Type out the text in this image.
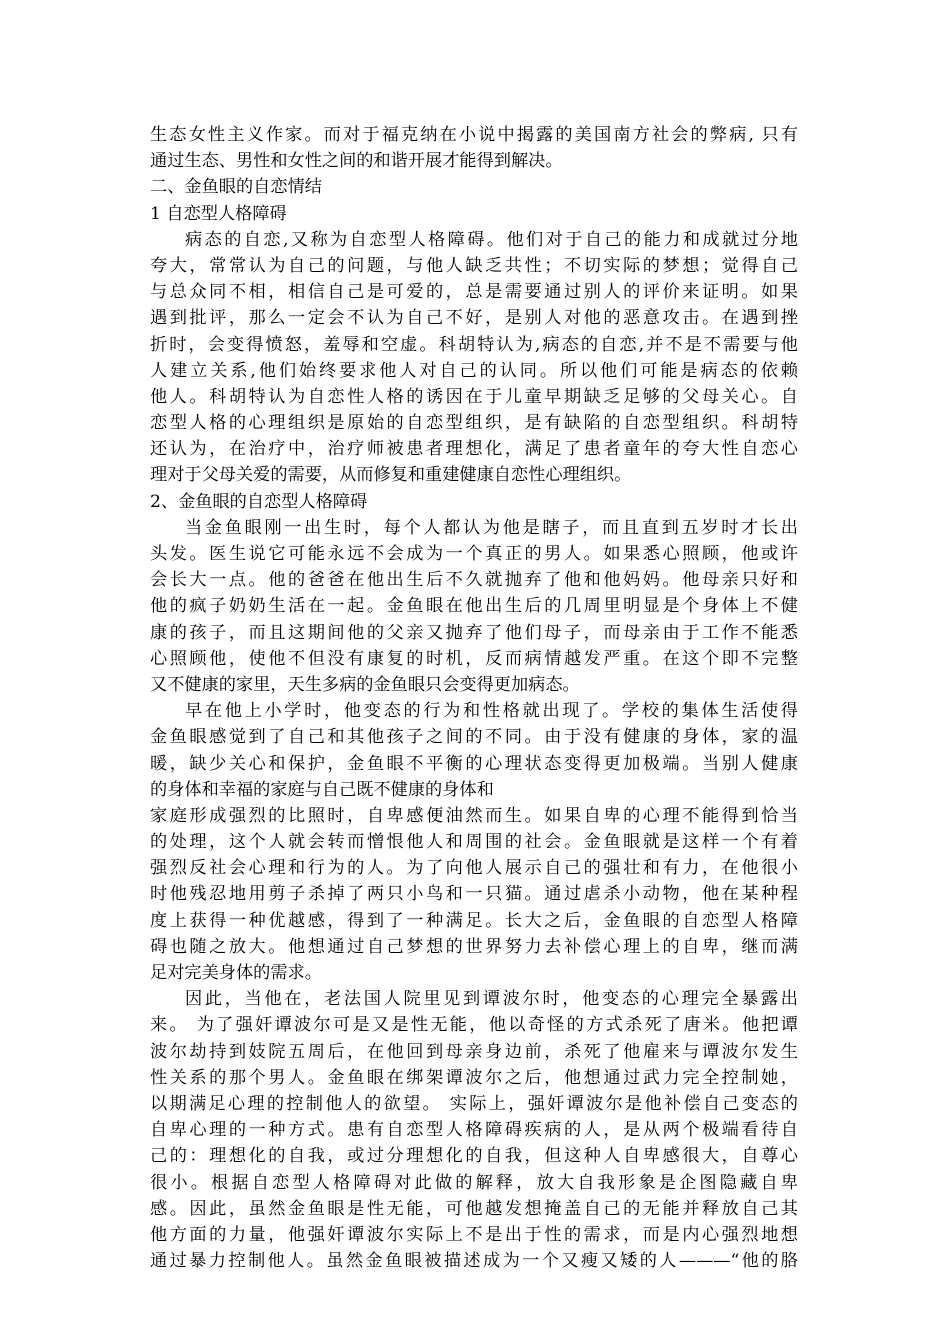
生态女性主义作家。而对于福克纳在小说中揭露的美国南方社会的弊病, 只有
通过生态、男性和女性之间的和谐开展才能得到解决。
二、金鱼眼的自恋情结
1 自恋型人格障碍
病态的自恋,又称为自恋型人格障碍。他们对于自己的能力和成就过分地
夸大，常常认为自己的问题，与他人缺乏共性；不切实际的梦想；觉得自己
与总众同不相，相信自己是可爱的，总是需要通过别人的评价来证明。如果
遇到批评，那么一定会不认为自己不好，是别人对他的恶意攻击。在遇到挫
折时，会变得愤怒，羞辱和空虚。科胡特认为,病态的自恋,并不是不需要与他
人建立关系,他们始终要求他人对自己的认同。所以他们可能是病态的依赖
他人。科胡特认为自恋性人格的诱因在于儿童早期缺乏足够的父母关心。自
恋型人格的心理组织是原始的自恋型组织，是有缺陷的自恋型组织。科胡特
还认为，在治疗中，治疗师被患者理想化，满足了患者童年的夸大性自恋心
理对于父母关爱的需要，从而修复和重建健康自恋性心理组织。
2、金鱼眼的自恋型人格障碍
当金鱼眼刚一出生时，每个人都认为他是瞎子，而且直到五岁时才长出
头发。医生说它可能永远不会成为一个真正的男人。如果悉心照顾，他或许
会长大一点。他的爸爸在他出生后不久就抛弃了他和他妈妈。他母亲只好和
他的疯子奶奶生活在一起。金鱼眼在他出生后的几周里明显是个身体上不健
康的孩子，而且这期间他的父亲又抛弃了他们母子，而母亲由于工作不能悉
心照顾他，使他不但没有康复的时机，反而病情越发严重。在这个即不完整
又不健康的家里，天生多病的金鱼眼只会变得更加病态。
早在他上小学时，他变态的行为和性格就出现了。学校的集体生活使得
金鱼眼感觉到了自己和其他孩子之间的不同。由于没有健康的身体，家的温
暖，缺少关心和保护，金鱼眼不平衡的心理状态变得更加极端。当别人健康
的身体和幸福的家庭与自己既不健康的身体和
家庭形成强烈的比照时，自卑感便油然而生。如果自卑的心理不能得到恰当
的处理，这个人就会转而憎恨他人和周围的社会。金鱼眼就是这样一个有着
强烈反社会心理和行为的人。为了向他人展示自己的强壮和有力，在他很小
时他残忍地用剪子杀掉了两只小鸟和一只猫。通过虐杀小动物，他在某种程
度上获得一种优越感，得到了一种满足。长大之后，金鱼眼的自恋型人格障
碍也随之放大。他想通过自己梦想的世界努力去补偿心理上的自卑，继而满
足对完美身体的需求。
因此，当他在，老法国人院里见到谭波尔时，他变态的心理完全暴露出
来。 为了强奸谭波尔可是又是性无能，他以奇怪的方式杀死了唐米。他把谭
波尔劫持到妓院五周后，在他回到母亲身边前，杀死了他雇来与谭波尔发生
性关系的那个男人。金鱼眼在绑架谭波尔之后，他想通过武力完全控制她，
以期满足心理的控制他人的欲望。 实际上，强奸谭波尔是他补偿自己变态的
自卑心理的一种方式。患有自恋型人格障碍疾病的人，是从两个极端看待自
己的：理想化的自我，或过分理想化的自我，但这种人自卑感很大，自尊心
很小。根据自恋型人格障碍对此做的解释，放大自我形象是企图隐藏自卑
感。因此，虽然金鱼眼是性无能，可他越发想掩盖自己的无能并释放自己其
他方面的力量，他强奸谭波尔实际上不是出于性的需求，而是内心强烈地想
通过暴力控制他人。虽然金鱼眼被描述成为一个又瘦又矮的人———“他的胳
